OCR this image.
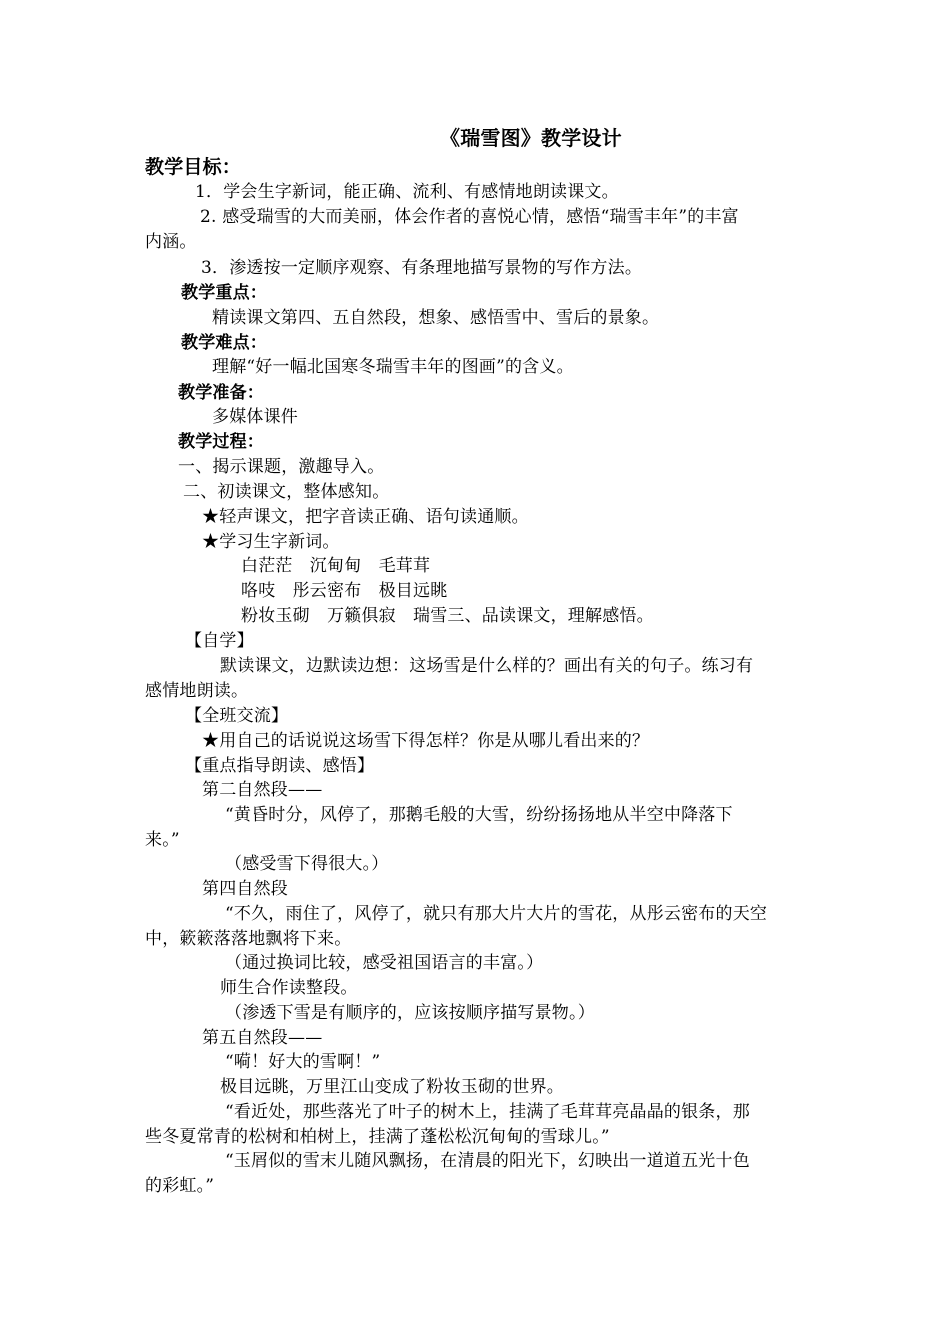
《瑞雪图》教学设计
教学目标：
1．学会生字新词，能正确、流利、有感情地朗读课文。
2. 感受瑞雪的大而美丽，体会作者的喜悦心情，感悟“瑞雪丰年”的丰富
内涵。
3．渗透按一定顺序观察、有条理地描写景物的写作方法。
教学重点：
精读课文第四、五自然段，想象、感悟雪中、雪后的景象。
教学难点：
理解“好一幅北国寒冬瑞雪丰年的图画”的含义。
教学准备：
多媒体课件
教学过程：
一、揭示课题，激趣导入。
二、初读课文，整体感知。
★轻声课文，把字音读正确、语句读通顺。
★学习生字新词。
白茫茫　沉甸甸　毛茸茸
咯吱　彤云密布　极目远眺
粉妆玉砌　万籁俱寂　瑞雪三、品读课文，理解感悟。
【自学】
默读课文，边默读边想：这场雪是什么样的？画出有关的句子。练习有
感情地朗读。
【全班交流】
★用自己的话说说这场雪下得怎样？你是从哪儿看出来的？
【重点指导朗读、感悟】
第二自然段——
“黄昏时分，风停了，那鹅毛般的大雪，纷纷扬扬地从半空中降落下
来。”
（感受雪下得很大。）
第四自然段
“不久，雨住了，风停了，就只有那大片大片的雪花，从彤云密布的天空
中，簌簌落落地飘将下来。
（通过换词比较，感受祖国语言的丰富。）
师生合作读整段。
（渗透下雪是有顺序的，应该按顺序描写景物。）
第五自然段——
“嗬！好大的雪啊！”
极目远眺，万里江山变成了粉妆玉砌的世界。
“看近处，那些落光了叶子的树木上，挂满了毛茸茸亮晶晶的银条，那
些冬夏常青的松树和柏树上，挂满了蓬松松沉甸甸的雪球儿。”
“玉屑似的雪末儿随风飘扬，在清晨的阳光下，幻映出一道道五光十色
的彩虹。”
